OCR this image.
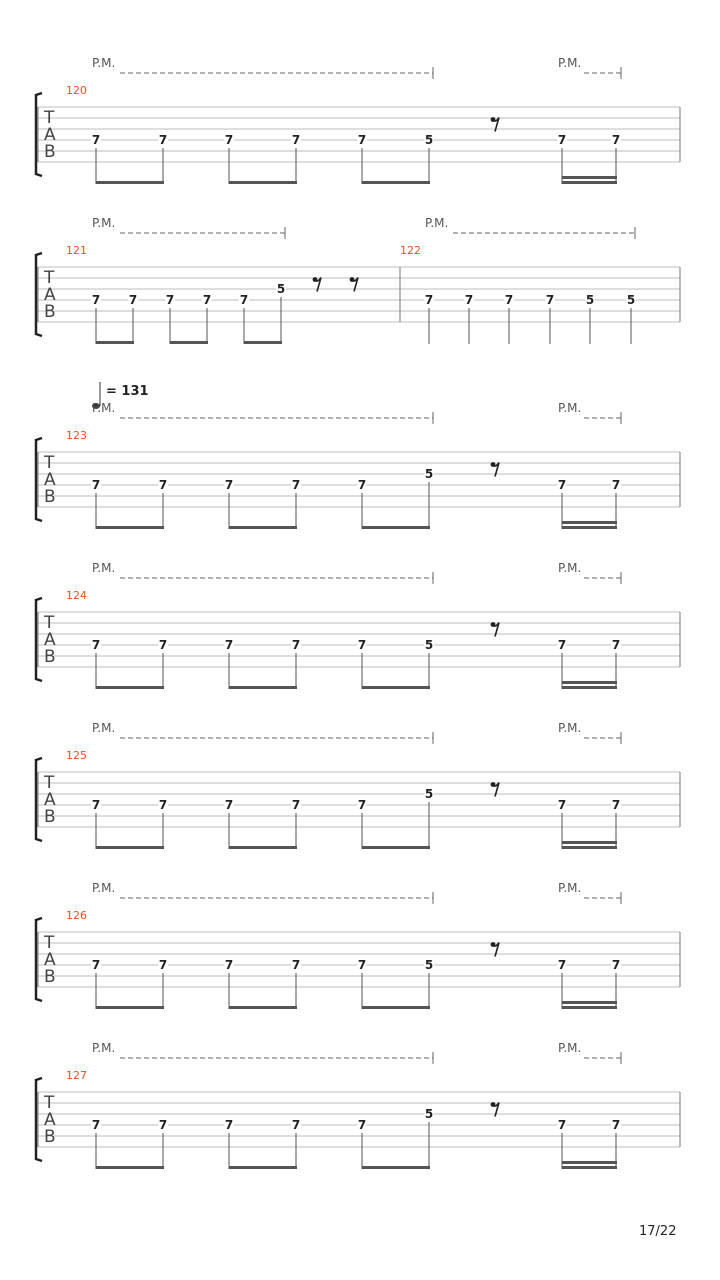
= 131
T
A
B
P.M.	P.M.
120
7	7	7	7	7	5	7	7
T
A
B
P.M.	P.M.
121
7 7 7 7 7
5
122
7	7	7	7	5	5
T
A
B
P.M.	P.M.
123
7	7	7	7	7
5
7	7
T
A
B
P.M.	P.M.
124
7	7	7	7	7	5	7	7
T
A
B
P.M.	P.M.
125
7	7	7	7	7
5
7	7
T
A
B
P.M.	P.M.
126
7	7	7	7	7	5	7	7
T
A
B
P.M.	P.M.
127
7	7	7	7	7
5
7	7
17/22
